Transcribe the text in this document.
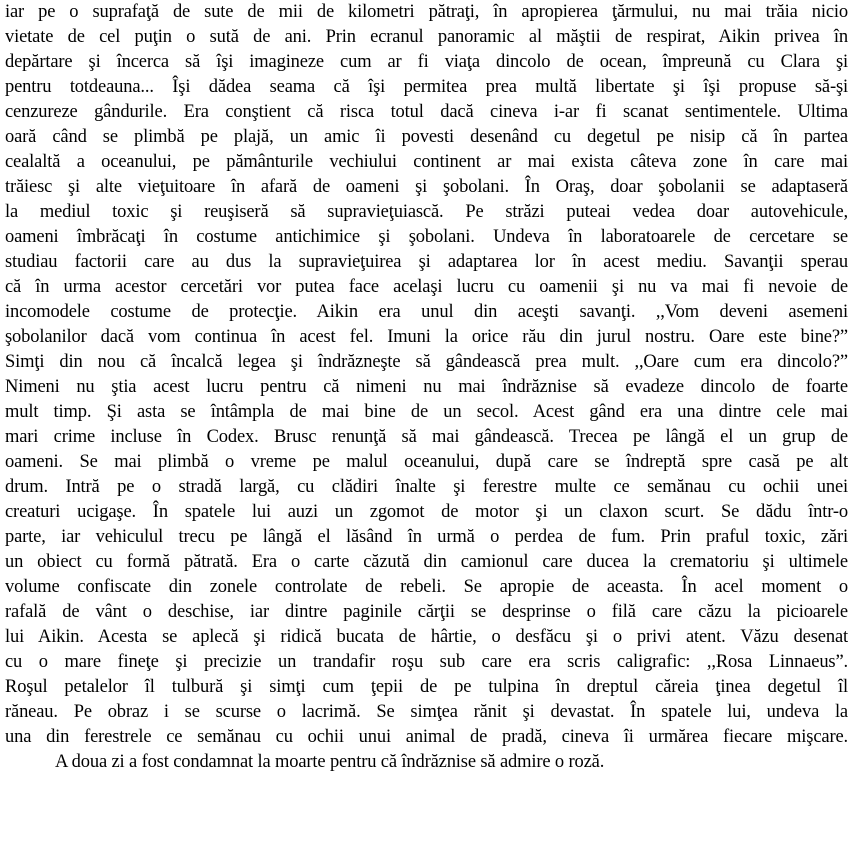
iar pe o suprafaţă de sute de mii de kilometri pătraţi, în apropierea ţărmului, nu mai trăia nicio
vietate de cel puţin o sută de ani. Prin ecranul panoramic al măştii de respirat, Aikin privea în
depărtare şi încerca să îşi imagineze cum ar fi viaţa dincolo de ocean, împreună cu Clara şi
pentru totdeauna... Îşi dădea seama că îşi permitea prea multă libertate şi îşi propuse să-şi
cenzureze gândurile. Era conştient că risca totul dacă cineva i-ar fi scanat sentimentele. Ultima
oară când se plimbă pe plajă, un amic îi povesti desenând cu degetul pe nisip că în partea
cealaltă a oceanului, pe pământurile vechiului continent ar mai exista câteva zone în care mai
trăiesc şi alte vieţuitoare în afară de oameni şi şobolani. În Oraş, doar şobolanii se adaptaseră
la mediul toxic şi reuşiseră să supravieţuiască. Pe străzi puteai vedea doar autovehicule,
oameni îmbrăcaţi în costume antichimice şi şobolani. Undeva în laboratoarele de cercetare se
studiau factorii care au dus la supravieţuirea şi adaptarea lor în acest mediu. Savanţii sperau
că în urma acestor cercetări vor putea face acelaşi lucru cu oamenii şi nu va mai fi nevoie de
incomodele costume de protecţie. Aikin era unul din aceşti savanţi. ,,Vom deveni asemeni
şobolanilor dacă vom continua în acest fel. Imuni la orice rău din jurul nostru. Oare este bine?”
Simţi din nou că încalcă legea şi îndrăzneşte să gândească prea mult. ,,Oare cum era dincolo?”
Nimeni nu ştia acest lucru pentru că nimeni nu mai îndrăznise să evadeze dincolo de foarte
mult timp. Şi asta se întâmpla de mai bine de un secol. Acest gând era una dintre cele mai
mari crime incluse în Codex. Brusc renunţă să mai gândească. Trecea pe lângă el un grup de
oameni. Se mai plimbă o vreme pe malul oceanului, după care se îndreptă spre casă pe alt
drum. Intră pe o stradă largă, cu clădiri înalte şi ferestre multe ce semănau cu ochii unei
creaturi ucigaşe. În spatele lui auzi un zgomot de motor şi un claxon scurt. Se dădu într-o
parte, iar vehiculul trecu pe lângă el lăsând în urmă o perdea de fum. Prin praful toxic, zări
un obiect cu formă pătrată. Era o carte căzută din camionul care ducea la crematoriu şi ultimele
volume confiscate din zonele controlate de rebeli. Se apropie de aceasta. În acel moment o
rafală de vânt o deschise, iar dintre paginile cărţii se desprinse o filă care căzu la picioarele
lui Aikin. Acesta se aplecă şi ridică bucata de hârtie, o desfăcu şi o privi atent. Văzu desenat
cu o mare fineţe şi precizie un trandafir roşu sub care era scris caligrafic: ,,Rosa Linnaeus”.
Roşul petalelor îl tulbură şi simţi cum ţepii de pe tulpina în dreptul căreia ţinea degetul îl
răneau. Pe obraz i se scurse o lacrimă. Se simţea rănit şi devastat. În spatele lui, undeva la
una din ferestrele ce semănau cu ochii unui animal de pradă, cineva îi urmărea fiecare mişcare.
A doua zi a fost condamnat la moarte pentru că îndrăznise să admire o roză.
